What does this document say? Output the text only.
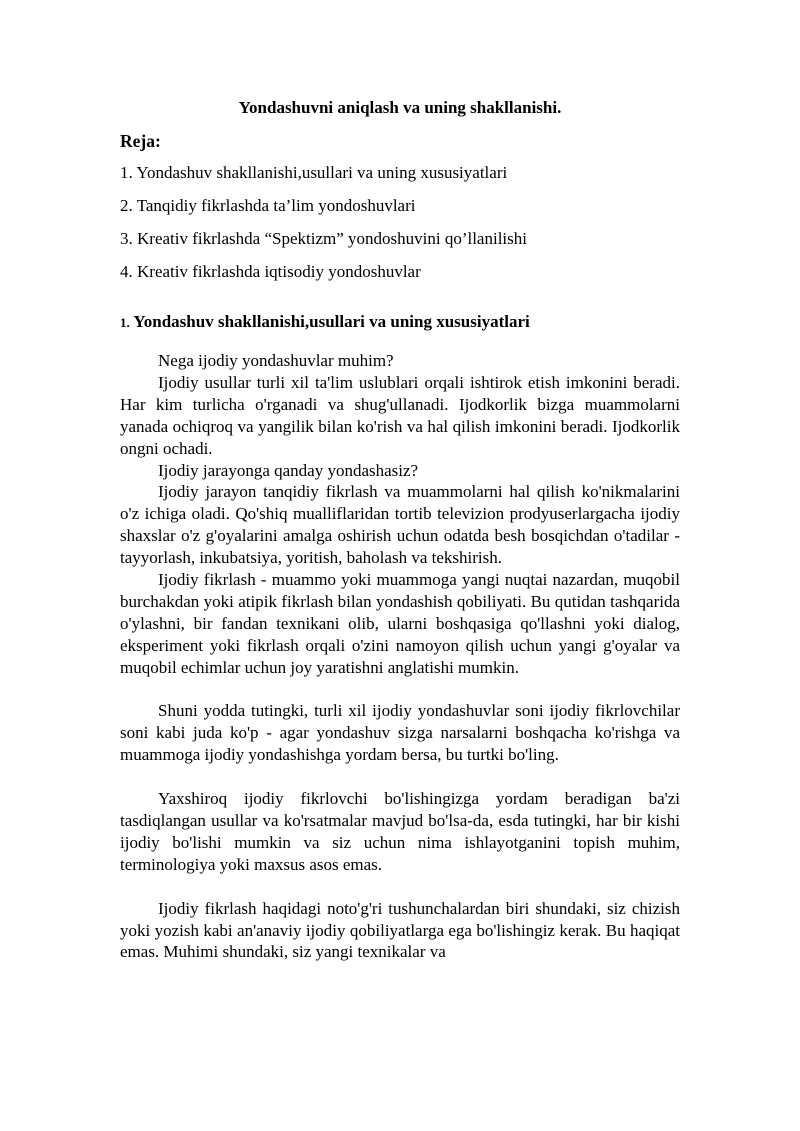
Yondashuvni aniqlash va uning shakllanishi.
Reja:
1. Yondashuv shakllanishi,usullari va uning xususiyatlari
2. Tanqidiy fikrlashda ta’lim yondoshuvlari
3. Kreativ fikrlashda “Spektizm” yondoshuvini qo’llanilishi
4. Kreativ fikrlashda iqtisodiy yondoshuvlar
1. Yondashuv shakllanishi,usullari va uning xususiyatlari

Nega ijodiy yondashuvlar muhim?

Ijodiy usullar turli xil ta'lim uslublari orqali ishtirok etish imkonini beradi. Har kim turlicha o'rganadi va shug'ullanadi. Ijodkorlik bizga muammolarni yanada ochiqroq va yangilik bilan ko'rish va hal qilish imkonini beradi. Ijodkorlik ongni ochadi.

Ijodiy jarayonga qanday yondashasiz?

Ijodiy jarayon tanqidiy fikrlash va muammolarni hal qilish ko'nikmalarini o'z ichiga oladi. Qo'shiq mualliflaridan tortib televizion prodyuserlargacha ijodiy shaxslar o'z g'oyalarini amalga oshirish uchun odatda besh bosqichdan o'tadilar - tayyorlash, inkubatsiya, yoritish, baholash va tekshirish.

Ijodiy fikrlash - muammo yoki muammoga yangi nuqtai nazardan, muqobil burchakdan yoki atipik fikrlash bilan yondashish qobiliyati. Bu qutidan tashqarida o'ylashni, bir fandan texnikani olib, ularni boshqasiga qo'llashni yoki dialog, eksperiment yoki fikrlash orqali o'zini namoyon qilish uchun yangi g'oyalar va muqobil echimlar uchun joy yaratishni anglatishi mumkin.

Shuni yodda tutingki, turli xil ijodiy yondashuvlar soni ijodiy fikrlovchilar soni kabi juda ko'p - agar yondashuv sizga narsalarni boshqacha ko'rishga va muammoga ijodiy yondashishga yordam bersa, bu turtki bo'ling.

Yaxshiroq ijodiy fikrlovchi bo'lishingizga yordam beradigan ba'zi tasdiqlangan usullar va ko'rsatmalar mavjud bo'lsa-da, esda tutingki, har bir kishi ijodiy bo'lishi mumkin va siz uchun nima ishlayotganini topish muhim, terminologiya yoki maxsus asos emas.

Ijodiy fikrlash haqidagi noto'g'ri tushunchalardan biri shundaki, siz chizish yoki yozish kabi an'anaviy ijodiy qobiliyatlarga ega bo'lishingiz kerak. Bu haqiqat emas. Muhimi shundaki, siz yangi texnikalar va
